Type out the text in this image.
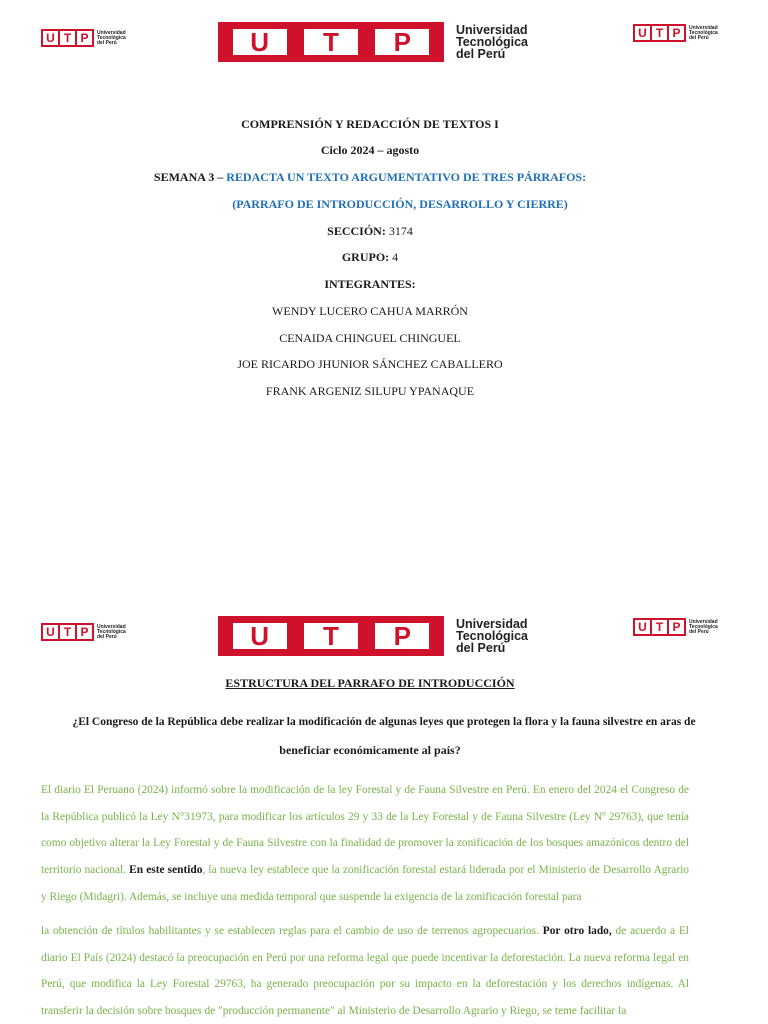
U T P	Universidad Tecnológica del Perú	U	T	P	Universidad
Tecnológica
del Perú
U T P	Universidad Tecnológica del Perú
COMPRENSIÓN Y REDACCIÓN DE TEXTOS I
Ciclo 2024 – agosto
SEMANA 3 – REDACTA UN TEXTO ARGUMENTATIVO DE TRES PÁRRAFOS:
(PARRAFO DE INTRODUCCIÓN, DESARROLLO Y CIERRE)
SECCIÓN: 3174
GRUPO: 4
INTEGRANTES:
WENDY LUCERO CAHUA MARRÓN
CENAIDA CHINGUEL CHINGUEL
JOE RICARDO JHUNIOR SÁNCHEZ CABALLERO
FRANK ARGENIZ SILUPU YPANAQUE
U T P	Universidad Tecnológica del Perú	U	T	P	Universidad
Tecnológica
del Perú
U T P	Universidad Tecnológica del Perú
ESTRUCTURA DEL PARRAFO DE INTRODUCCIÓN
¿El Congreso de la República debe realizar la modificación de algunas leyes que protegen la flora y la fauna silvestre en aras de
beneficiar económicamente al país?
El diario El Peruano (2024) informó sobre la modificación de la ley Forestal y de Fauna Silvestre en Perú. En enero del 2024 el Congreso de la República publicó la Ley N°31973, para modificar los artículos 29 y 33 de la Ley Forestal y de Fauna Silvestre (Ley Nº 29763), que tenía como objetivo alterar la Ley Forestal y de Fauna Silvestre con la finalidad de promover la zonificación de los bosques amazónicos dentro del territorio nacional. En este sentido, la nueva ley establece que la zonificación forestal estará liderada por el Ministerio de Desarrollo Agrario y Riego (Midagri). Además, se incluye una medida temporal que suspende la exigencia de la zonificación forestal para
la obtención de títulos habilitantes y se establecen reglas para el cambio de uso de terrenos agropecuarios. Por otro lado, de acuerdo a El diario El País (2024) destacó la preocupación en Perú por una reforma legal que puede incentivar la deforestación. La nueva reforma legal en Perú, que modifica la Ley Forestal 29763, ha generado preocupación por su impacto en la deforestación y los derechos indígenas. Al transferir la decisión sobre bosques de "producción permanente" al Ministerio de Desarrollo Agrario y Riego, se teme facilitar la
